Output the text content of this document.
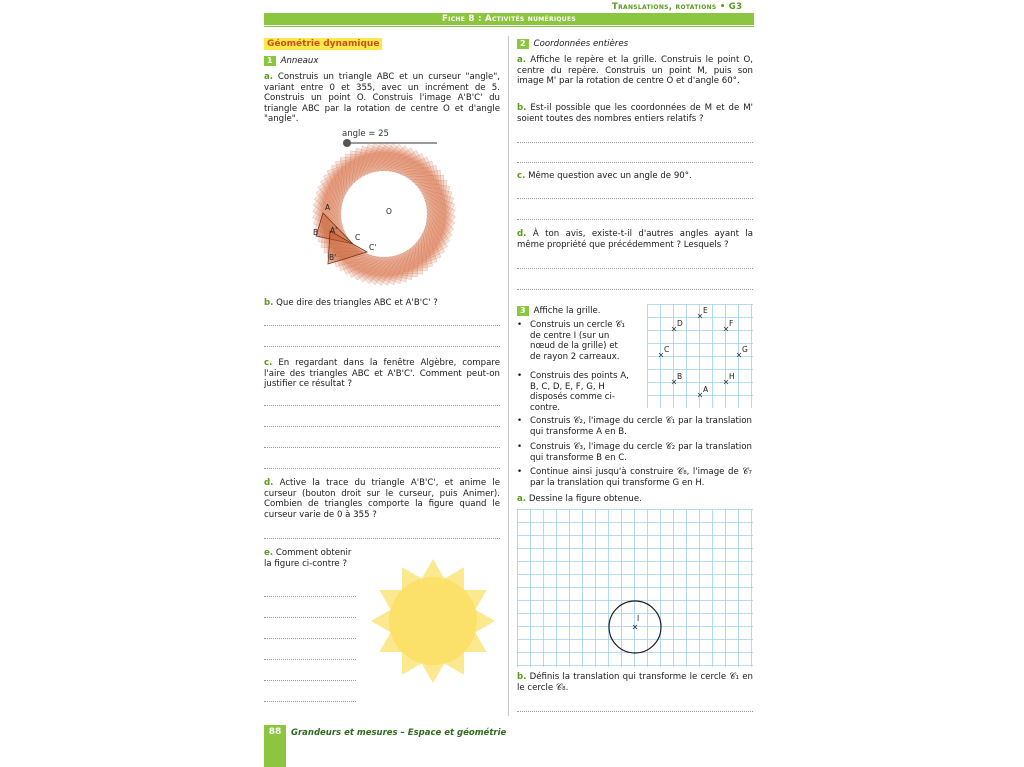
Translations, rotations • G3
Fiche 8 : Activités numériques
Géométrie dynamique
1 Anneaux
a. Construis un triangle ABC et un curseur "angle", variant entre 0 et 355, avec un incrément de 5. Construis un point O. Construis l'image A'B'C' du triangle ABC par la rotation de centre O et d'angle "angle".
angle = 25
A
B
C
A'
B'
C'
O
b. Que dire des triangles ABC et A'B'C' ?
c. En regardant dans la fenêtre Algèbre, compare l'aire des triangles ABC et A'B'C'. Comment peut-on justifier ce résultat ?
d. Active la trace du triangle A'B'C', et anime le curseur (bouton droit sur le curseur, puis Animer). Combien de triangles comporte la figure quand le curseur varie de 0 à 355 ?
e. Comment obtenir la figure ci-contre ?
2 Coordonnées entières
a. Affiche le repère et la grille. Construis le point O, centre du repère. Construis un point M, puis son image M' par la rotation de centre O et d'angle 60°.
b. Est-il possible que les coordonnées de M et de M' soient toutes des nombres entiers relatifs ?
c. Même question avec un angle de 90°.
d. À ton avis, existe-t-il d'autres angles ayant la même propriété que précédemment ? Lesquels ?
3 Affiche la grille.
• Construis un cercle 𝒞₁ de centre I (sur un nœud de la grille) et de rayon 2 carreaux.
• Construis des points A, B, C, D, E, F, G, H disposés comme ci-contre.
• Construis 𝒞₂, l'image du cercle 𝒞₁ par la translation qui transforme A en B.
• Construis 𝒞₃, l'image du cercle 𝒞₂ par la translation qui transforme B en C.
• Continue ainsi jusqu'à construire 𝒞₈, l'image de 𝒞₇ par la translation qui transforme G en H.
E
D	F
C	G
B	H
A
a. Dessine la figure obtenue.
I
b. Définis la translation qui transforme le cercle 𝒞₁ en le cercle 𝒞₈.
88	Grandeurs et mesures – Espace et géométrie
